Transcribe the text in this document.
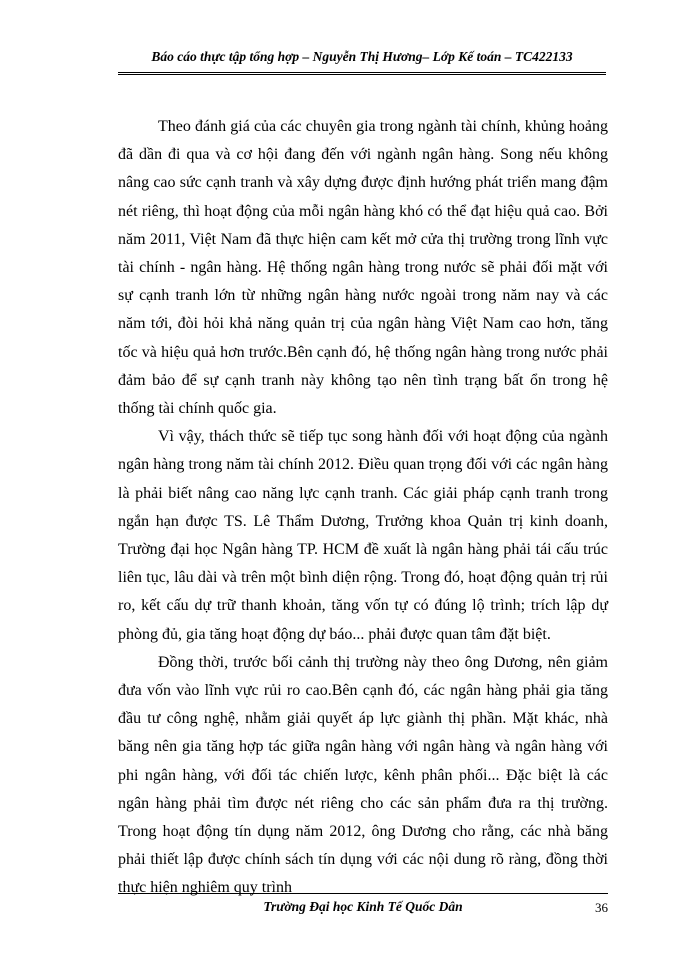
Báo cáo thực tập tổng hợp – Nguyễn Thị Hương– Lớp Kế toán – TC422133

Theo đánh giá của các chuyên gia trong ngành tài chính, khủng hoảng đã dần đi qua và cơ hội đang đến với ngành ngân hàng. Song nếu không nâng cao sức cạnh tranh và xây dựng được định hướng phát triển mang đậm nét riêng, thì hoạt động của mỗi ngân hàng khó có thể đạt hiệu quả cao. Bởi năm 2011, Việt Nam đã thực hiện cam kết mở cửa thị trường trong lĩnh vực tài chính - ngân hàng. Hệ thống ngân hàng trong nước sẽ phải đối mặt với sự cạnh tranh lớn từ những ngân hàng nước ngoài trong năm nay và các năm tới, đòi hỏi khả năng quản trị của ngân hàng Việt Nam cao hơn, tăng tốc và hiệu quả hơn trước.Bên cạnh đó, hệ thống ngân hàng trong nước phải đảm bảo để sự cạnh tranh này không tạo nên tình trạng bất ổn trong hệ thống tài chính quốc gia.

Vì vậy, thách thức sẽ tiếp tục song hành đối với hoạt động của ngành ngân hàng trong năm tài chính 2012. Điều quan trọng đối với các ngân hàng là phải biết nâng cao năng lực cạnh tranh. Các giải pháp cạnh tranh trong ngắn hạn được TS. Lê Thẩm Dương, Trưởng khoa Quản trị kinh doanh, Trường đại học Ngân hàng TP. HCM đề xuất là ngân hàng phải tái cấu trúc liên tục, lâu dài và trên một bình diện rộng. Trong đó, hoạt động quản trị rủi ro, kết cấu dự trữ thanh khoản, tăng vốn tự có đúng lộ trình; trích lập dự phòng đủ, gia tăng hoạt động dự báo... phải được quan tâm đặt biệt.

Đồng thời, trước bối cảnh thị trường này theo ông Dương, nên giảm đưa vốn vào lĩnh vực rủi ro cao.Bên cạnh đó, các ngân hàng phải gia tăng đầu tư công nghệ, nhằm giải quyết áp lực giành thị phần. Mặt khác, nhà băng nên gia tăng hợp tác giữa ngân hàng với ngân hàng và ngân hàng với phi ngân hàng, với đối tác chiến lược, kênh phân phối... Đặc biệt là các ngân hàng phải tìm được nét riêng cho các sản phẩm đưa ra thị trường. Trong hoạt động tín dụng năm 2012, ông Dương cho rằng, các nhà băng phải thiết lập được chính sách tín dụng với các nội dung rõ ràng, đồng thời thực hiện nghiêm quy trình

Trường Đại học Kinh Tế Quốc Dân	36
